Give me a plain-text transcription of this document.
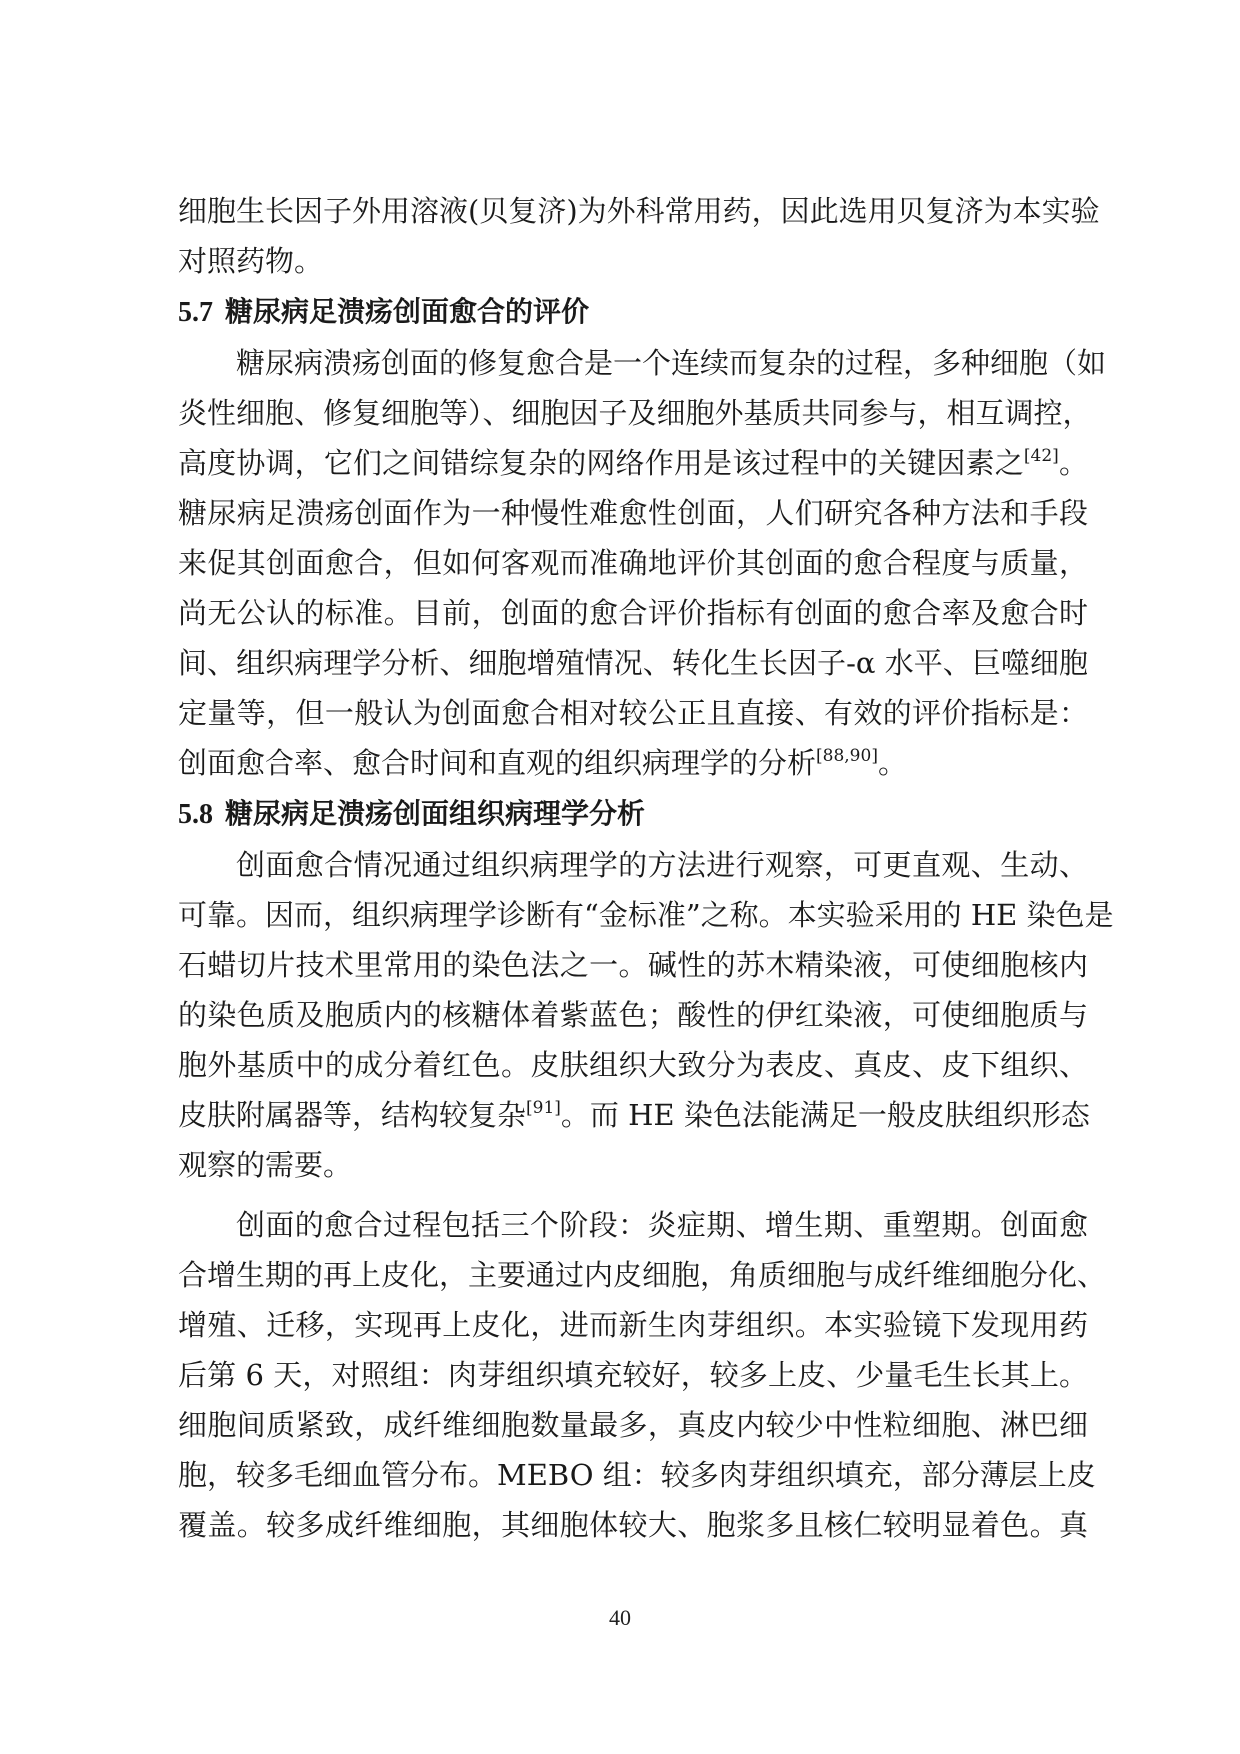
细胞生长因子外用溶液(贝复济)为外科常用药，因此选用贝复济为本实验
对照药物。
5.7 糖尿病足溃疡创面愈合的评价
糖尿病溃疡创面的修复愈合是一个连续而复杂的过程，多种细胞（如
炎性细胞、修复细胞等）、细胞因子及细胞外基质共同参与，相互调控，
高度协调，它们之间错综复杂的网络作用是该过程中的关键因素之[42]。
糖尿病足溃疡创面作为一种慢性难愈性创面，人们研究各种方法和手段
来促其创面愈合，但如何客观而准确地评价其创面的愈合程度与质量，
尚无公认的标准。目前，创面的愈合评价指标有创面的愈合率及愈合时
间、组织病理学分析、细胞增殖情况、转化生长因子-α 水平、巨噬细胞
定量等，但一般认为创面愈合相对较公正且直接、有效的评价指标是：
创面愈合率、愈合时间和直观的组织病理学的分析[88,90]。
5.8 糖尿病足溃疡创面组织病理学分析
创面愈合情况通过组织病理学的方法进行观察，可更直观、生动、
可靠。因而，组织病理学诊断有“金标准”之称。本实验采用的 HE 染色是
石蜡切片技术里常用的染色法之一。碱性的苏木精染液，可使细胞核内
的染色质及胞质内的核糖体着紫蓝色；酸性的伊红染液，可使细胞质与
胞外基质中的成分着红色。皮肤组织大致分为表皮、真皮、皮下组织、
皮肤附属器等，结构较复杂[91]。而 HE 染色法能满足一般皮肤组织形态
观察的需要。
创面的愈合过程包括三个阶段：炎症期、增生期、重塑期。创面愈
合增生期的再上皮化，主要通过内皮细胞，角质细胞与成纤维细胞分化、
增殖、迁移，实现再上皮化，进而新生肉芽组织。本实验镜下发现用药
后第 6 天，对照组：肉芽组织填充较好，较多上皮、少量毛生长其上。
细胞间质紧致，成纤维细胞数量最多，真皮内较少中性粒细胞、淋巴细
胞，较多毛细血管分布。MEBO 组：较多肉芽组织填充，部分薄层上皮
覆盖。较多成纤维细胞，其细胞体较大、胞浆多且核仁较明显着色。真
40
